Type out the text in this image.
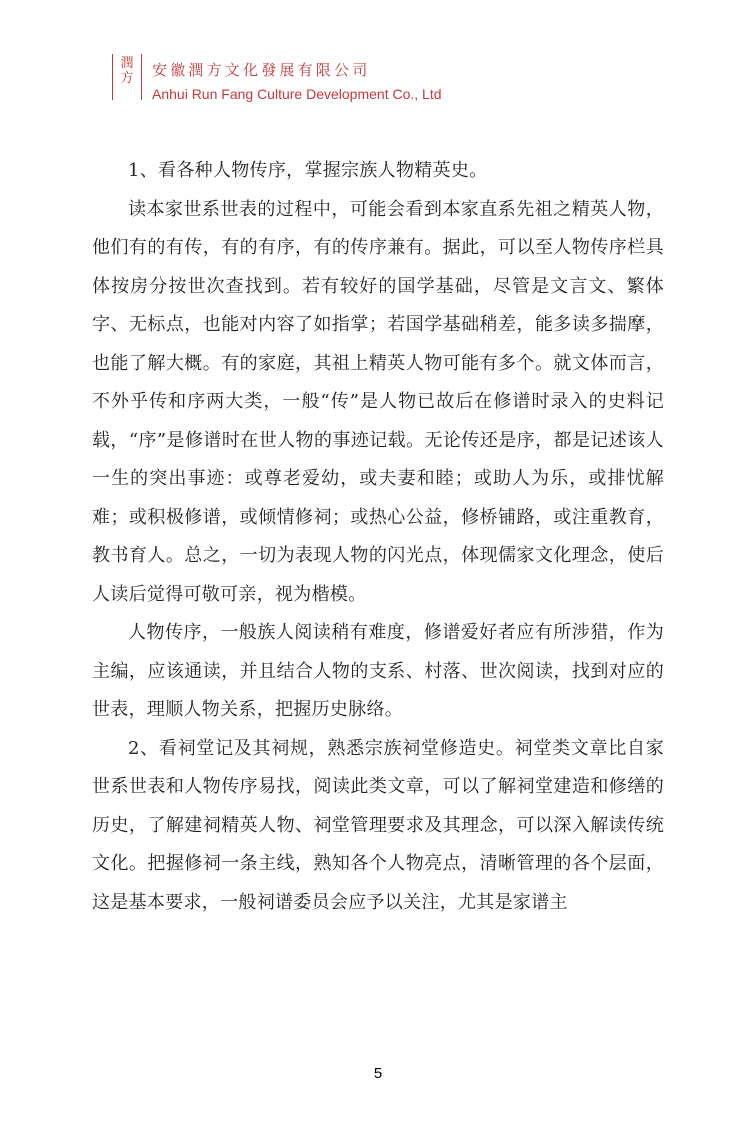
潤
方	安徽潤方文化發展有限公司
Anhui Run Fang Culture Development Co., Ltd

1、看各种人物传序，掌握宗族人物精英史。

读本家世系世表的过程中，可能会看到本家直系先祖之精英人物，他们有的有传，有的有序，有的传序兼有。据此，可以至人物传序栏具体按房分按世次查找到。若有较好的国学基础，尽管是文言文、繁体字、无标点，也能对内容了如指掌；若国学基础稍差，能多读多揣摩，也能了解大概。有的家庭，其祖上精英人物可能有多个。就文体而言，不外乎传和序两大类，一般“传”是人物已故后在修谱时录入的史料记载，“序”是修谱时在世人物的事迹记载。无论传还是序，都是记述该人一生的突出事迹：或尊老爱幼，或夫妻和睦；或助人为乐，或排忧解难；或积极修谱，或倾情修祠；或热心公益，修桥铺路，或注重教育，教书育人。总之，一切为表现人物的闪光点，体现儒家文化理念，使后人读后觉得可敬可亲，视为楷模。

人物传序，一般族人阅读稍有难度，修谱爱好者应有所涉猎，作为主编，应该通读，并且结合人物的支系、村落、世次阅读，找到对应的世表，理顺人物关系，把握历史脉络。

2、看祠堂记及其祠规，熟悉宗族祠堂修造史。祠堂类文章比自家世系世表和人物传序易找，阅读此类文章，可以了解祠堂建造和修缮的历史，了解建祠精英人物、祠堂管理要求及其理念，可以深入解读传统文化。把握修祠一条主线，熟知各个人物亮点，清晰管理的各个层面，这是基本要求，一般祠谱委员会应予以关注，尤其是家谱主

5
